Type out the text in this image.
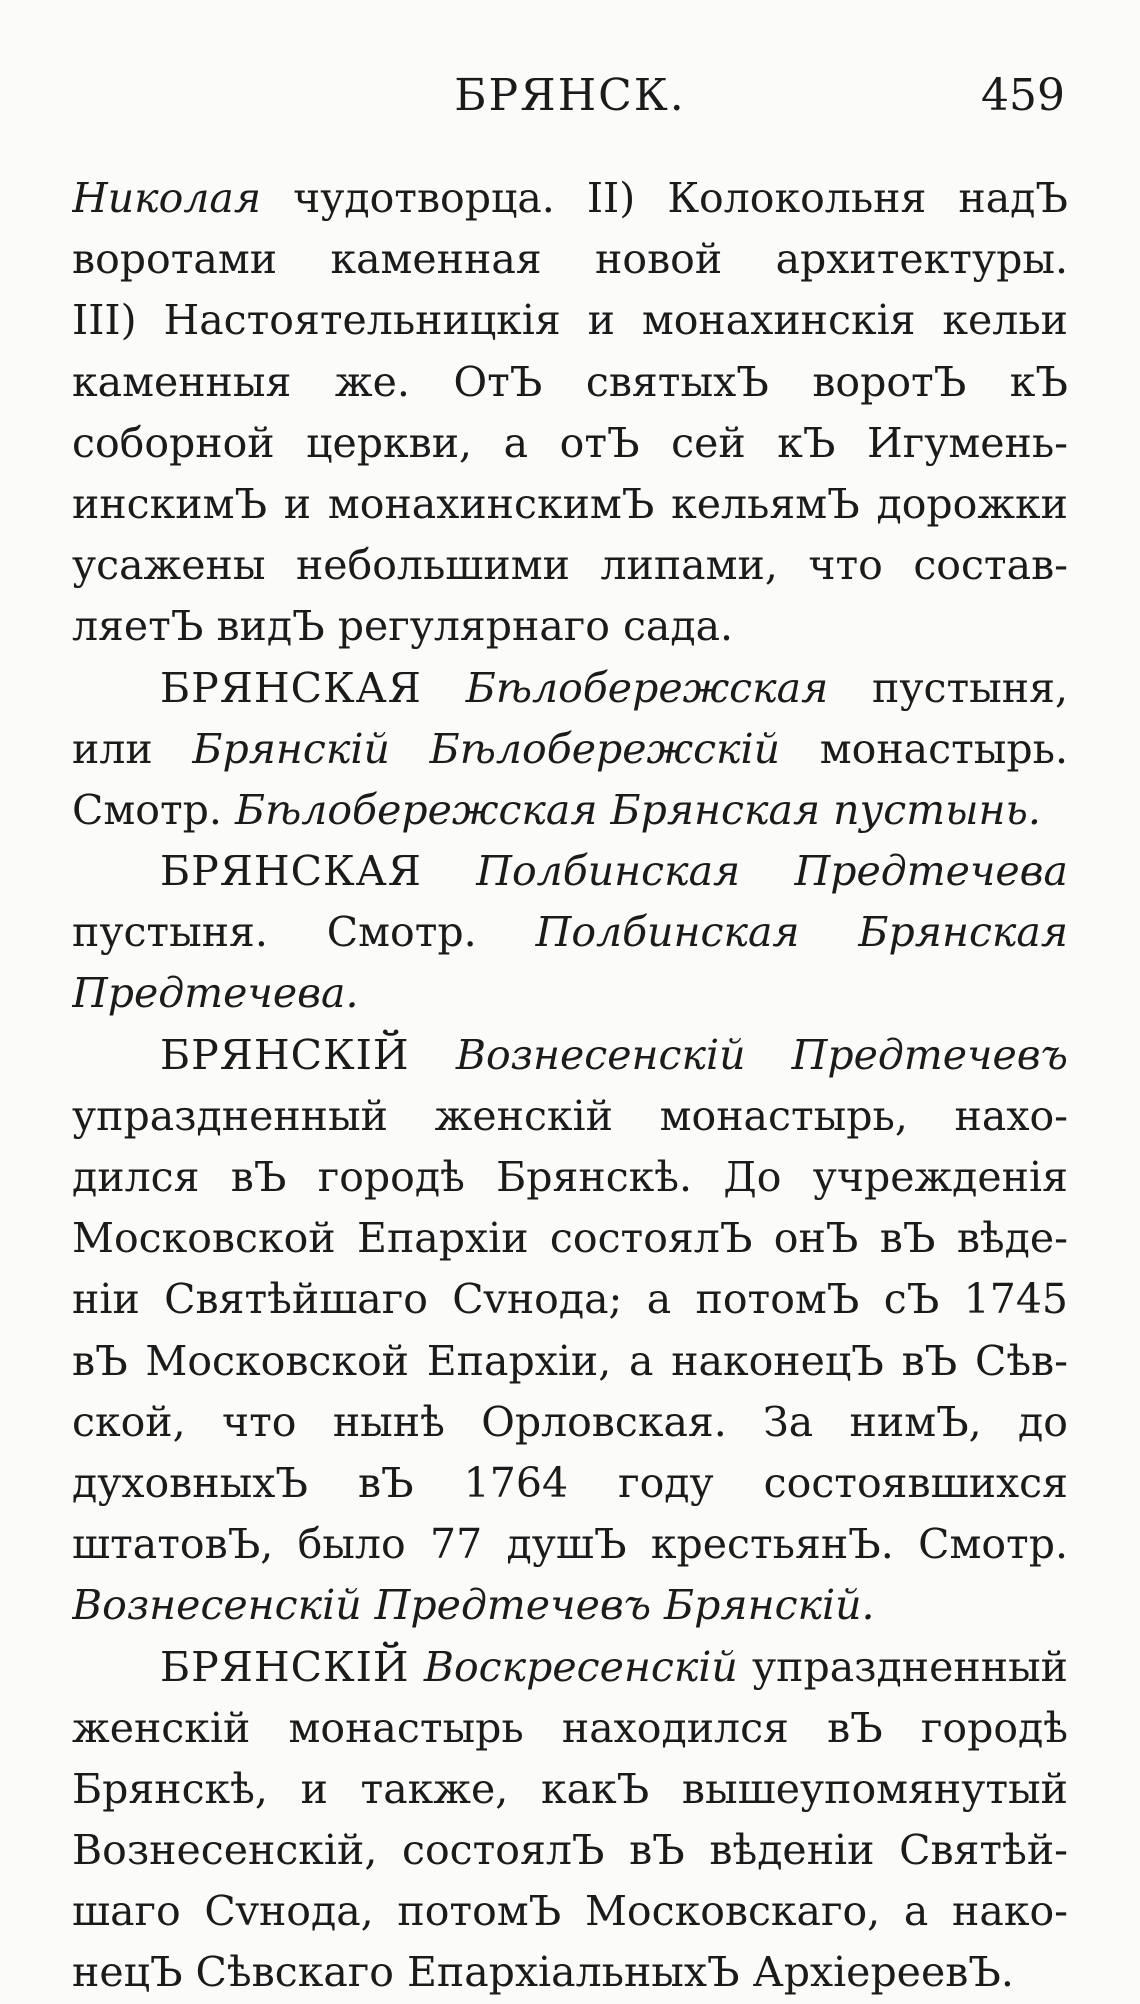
БРЯНСК.	459
Николая чудотворца. II) Колокольня надЪ
воротами каменная новой архитектуры.
III) Настоятельницкія и монахинскія кельи
каменныя же. ОтЪ святыхЪ воротЪ кЪ
соборной церкви, а отЪ сей кЪ Игумень-
инскимЪ и монахинскимЪ кельямЪ дорожки
усажены небольшими липами, что состав-
ляетЪ видЪ регулярнаго сада.
БРЯНСКАЯ Бѣлобережская пустыня,
или Брянскій Бѣлобережскій монастырь.
Смотр. Бѣлобережская Брянская пустынь.
БРЯНСКАЯ Полбинская Предтечева
пустыня. Смотр. Полбинская Брянская
Предтечева.
БРЯНСКІЙ Вознесенскій Предтечевъ
упраздненный женскій монастырь, нахо-
дился вЪ городѣ Брянскѣ. До учрежденія
Московской Епархіи состоялЪ онЪ вЪ вѣде-
ніи Святѣйшаго Сvнода; а потомЪ сЪ 1745
вЪ Московской Епархіи, а наконецЪ вЪ Сѣв-
ской, что нынѣ Орловская. За нимЪ, до
духовныхЪ вЪ 1764 году состоявшихся
штатовЪ, было 77 душЪ крестьянЪ. Смотр.
Вознесенскій Предтечевъ Брянскій.
БРЯНСКІЙ Воскресенскій упраздненный
женскій монастырь находился вЪ городѣ
Брянскѣ, и также, какЪ вышеупомянутый
Вознесенскій, состоялЪ вЪ вѣденіи Святѣй-
шаго Сvнода, потомЪ Московскаго, а нако-
нецЪ Сѣвскаго ЕпархіальныхЪ АрхіереевЪ.
